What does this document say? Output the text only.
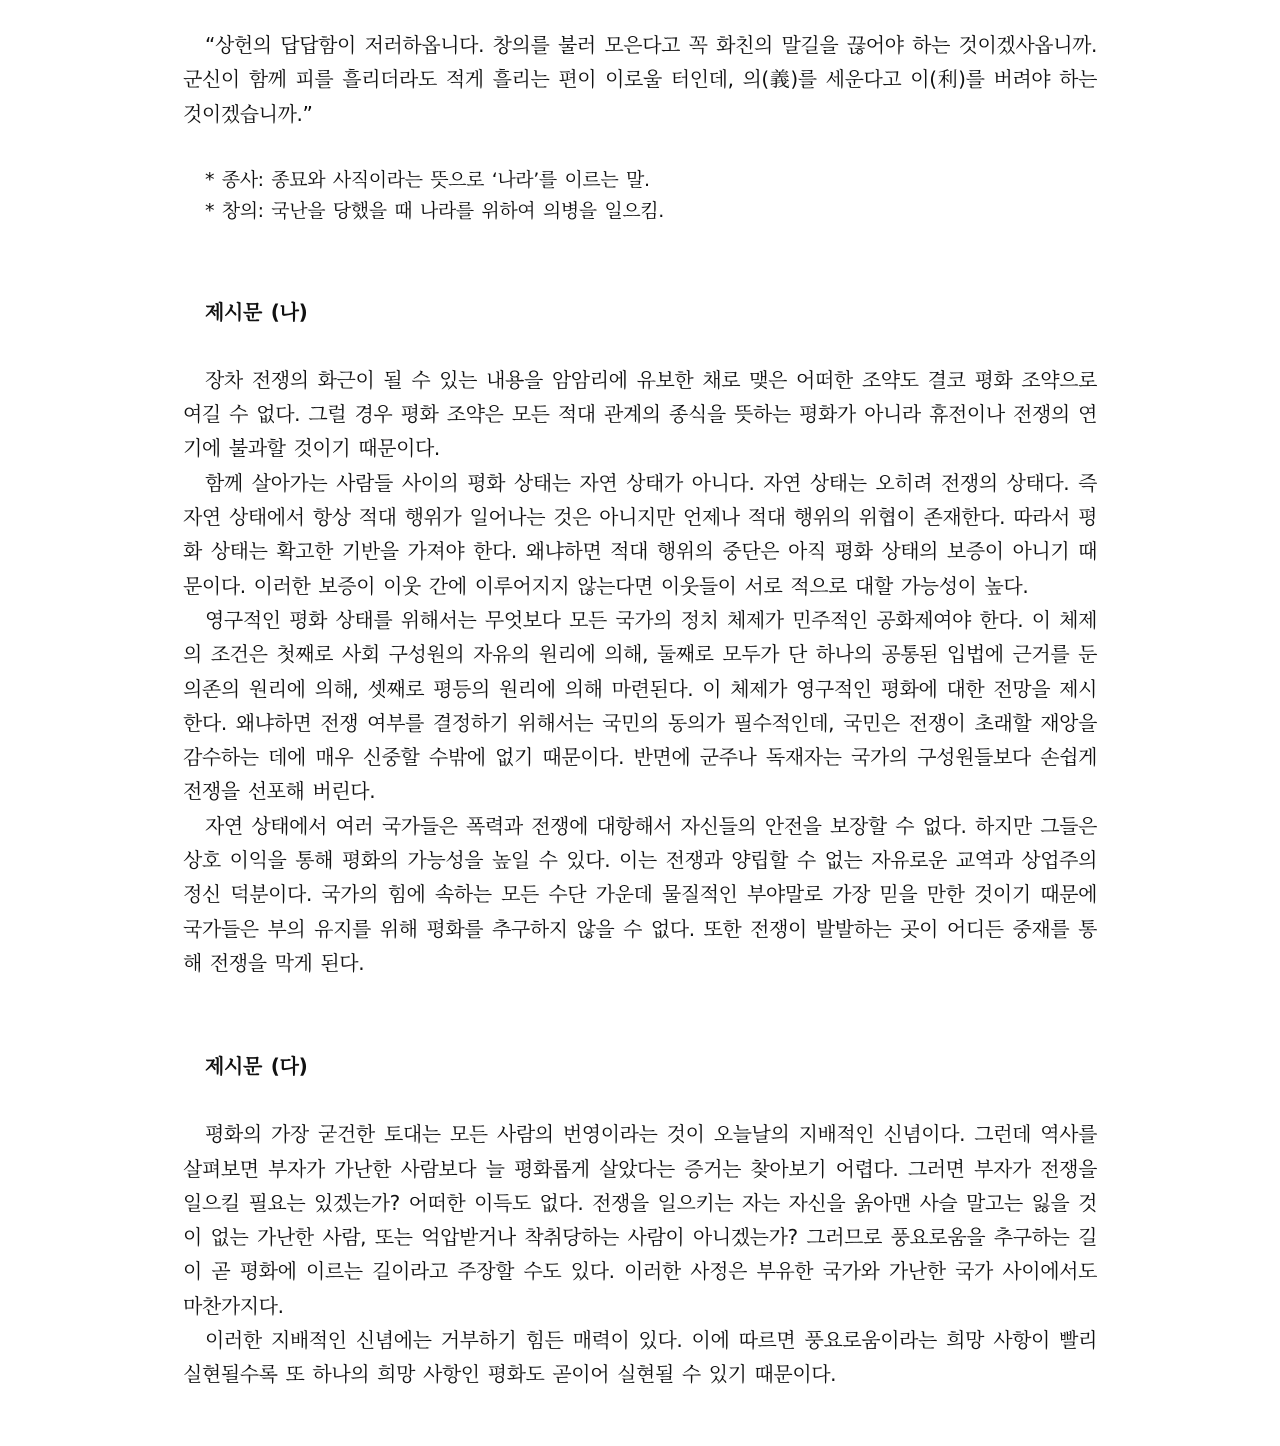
“상헌의 답답함이 저러하옵니다. 창의를 불러 모은다고 꼭 화친의 말길을 끊어야 하는 것이겠사옵니까. 군신이 함께 피를 흘리더라도 적게 흘리는 편이 이로울 터인데, 의(義)를 세운다고 이(利)를 버려야 하는 것이겠습니까.”

* 종사: 종묘와 사직이라는 뜻으로 ‘나라’를 이르는 말.
* 창의: 국난을 당했을 때 나라를 위하여 의병을 일으킴.
제시문 (나)

장차 전쟁의 화근이 될 수 있는 내용을 암암리에 유보한 채로 맺은 어떠한 조약도 결코 평화 조약으로 여길 수 없다. 그럴 경우 평화 조약은 모든 적대 관계의 종식을 뜻하는 평화가 아니라 휴전이나 전쟁의 연기에 불과할 것이기 때문이다.

함께 살아가는 사람들 사이의 평화 상태는 자연 상태가 아니다. 자연 상태는 오히려 전쟁의 상태다. 즉 자연 상태에서 항상 적대 행위가 일어나는 것은 아니지만 언제나 적대 행위의 위협이 존재한다. 따라서 평화 상태는 확고한 기반을 가져야 한다. 왜냐하면 적대 행위의 중단은 아직 평화 상태의 보증이 아니기 때문이다. 이러한 보증이 이웃 간에 이루어지지 않는다면 이웃들이 서로 적으로 대할 가능성이 높다.

영구적인 평화 상태를 위해서는 무엇보다 모든 국가의 정치 체제가 민주적인 공화제여야 한다. 이 체제의 조건은 첫째로 사회 구성원의 자유의 원리에 의해, 둘째로 모두가 단 하나의 공통된 입법에 근거를 둔 의존의 원리에 의해, 셋째로 평등의 원리에 의해 마련된다. 이 체제가 영구적인 평화에 대한 전망을 제시한다. 왜냐하면 전쟁 여부를 결정하기 위해서는 국민의 동의가 필수적인데, 국민은 전쟁이 초래할 재앙을 감수하는 데에 매우 신중할 수밖에 없기 때문이다. 반면에 군주나 독재자는 국가의 구성원들보다 손쉽게 전쟁을 선포해 버린다.

자연 상태에서 여러 국가들은 폭력과 전쟁에 대항해서 자신들의 안전을 보장할 수 없다. 하지만 그들은 상호 이익을 통해 평화의 가능성을 높일 수 있다. 이는 전쟁과 양립할 수 없는 자유로운 교역과 상업주의 정신 덕분이다. 국가의 힘에 속하는 모든 수단 가운데 물질적인 부야말로 가장 믿을 만한 것이기 때문에 국가들은 부의 유지를 위해 평화를 추구하지 않을 수 없다. 또한 전쟁이 발발하는 곳이 어디든 중재를 통해 전쟁을 막게 된다.

제시문 (다)

평화의 가장 굳건한 토대는 모든 사람의 번영이라는 것이 오늘날의 지배적인 신념이다. 그런데 역사를 살펴보면 부자가 가난한 사람보다 늘 평화롭게 살았다는 증거는 찾아보기 어렵다. 그러면 부자가 전쟁을 일으킬 필요는 있겠는가? 어떠한 이득도 없다. 전쟁을 일으키는 자는 자신을 옭아맨 사슬 말고는 잃을 것이 없는 가난한 사람, 또는 억압받거나 착취당하는 사람이 아니겠는가? 그러므로 풍요로움을 추구하는 길이 곧 평화에 이르는 길이라고 주장할 수도 있다. 이러한 사정은 부유한 국가와 가난한 국가 사이에서도 마찬가지다.

이러한 지배적인 신념에는 거부하기 힘든 매력이 있다. 이에 따르면 풍요로움이라는 희망 사항이 빨리 실현될수록 또 하나의 희망 사항인 평화도 곧이어 실현될 수 있기 때문이다.
